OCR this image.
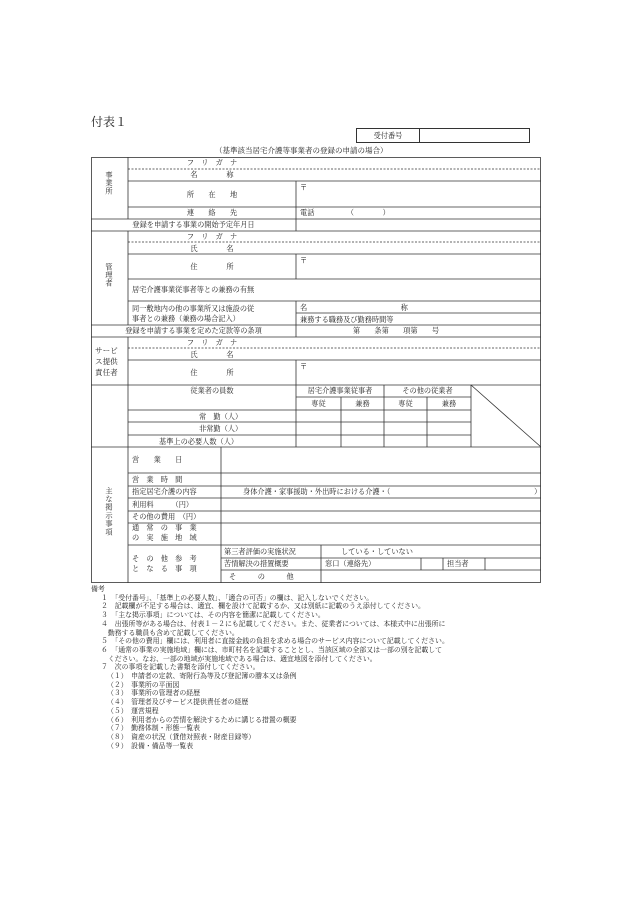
付表１
受付番号
（基準該当居宅介護等事業者の登録の申請の場合）
事業所
フ　リ　ガ　ナ
名　　　　称
所　　在　　地
〒
連　　絡　　先	電話　　　　　（　　　　）
登録を申請する事業の開始予定年月日
管理者
フ　リ　ガ　ナ
氏　　　　名
住　　　　所
〒
居宅介護事業従事者等との兼務の有無
同一敷地内の他の事業所又は施設の従
事者との兼務（兼務の場合記入）
名　　　　　　　　　　　　　称
兼務する職務及び勤務時間等
登録を申請する事業を定めた定款等の条項	第　　条第　　項第　　号
サービ
ス提供
責任者
フ　リ　ガ　ナ
氏　　　　名
住　　　　所
〒
従業者の員数	居宅介護事業従事者	その他の従業者
専従	兼務	専従	兼務
常　勤（人）
非常勤（人）
基準上の必要人数（人）
主な掲示事項
営　　業　　日
営　業　時　間
指定居宅介護の内容	身体介護・家事援助・外出時における介護・（　　　　　　　　　　　　　　　　　　　　）
利用料　　　（円）
その他の費用　（円）
通　常　の　事　業
の　実　施　地　域
そ　の　他　参　考
と　な　る　事　項
第三者評価の実施状況	している・していない
苦情解決の措置概要	窓口（連絡先）	担当者
そ　　　の　　　他
備考
１　「受付番号」、「基準上の必要人数」、「適合の可否」の欄は、記入しないでください。
２　記載欄が不足する場合は、適宜、欄を設けて記載するか、又は別紙に記載のうえ添付してください。
３　「主な掲示事項」については、その内容を簡潔に記載してください。
４　出張所等がある場合は、付表１－２にも記載してください。また、従業者については、本様式中に出張所に
　勤務する職員も含めて記載してください。
５　「その他の費用」欄には、利用者に直接金銭の負担を求める場合のサービス内容について記載してください。
６　「通常の事業の実施地域」欄には、市町村名を記載することとし、当該区域の全部又は一部の別を記載して
　ください。なお、一部の地域が実施地域である場合は、適宜地図を添付してください。
７　次の事項を記載した書類を添付してください。
（１）　申請者の定款、寄附行為等及び登記簿の謄本又は条例
（２）　事業所の平面図
（３）　事業所の管理者の経歴
（４）　管理者及びサービス提供責任者の経歴
（５）　運営規程
（６）　利用者からの苦情を解決するために講じる措置の概要
（７）　勤務体制・形態一覧表
（８）　資産の状況（貸借対照表・財産目録等）
（９）　設備・備品等一覧表
